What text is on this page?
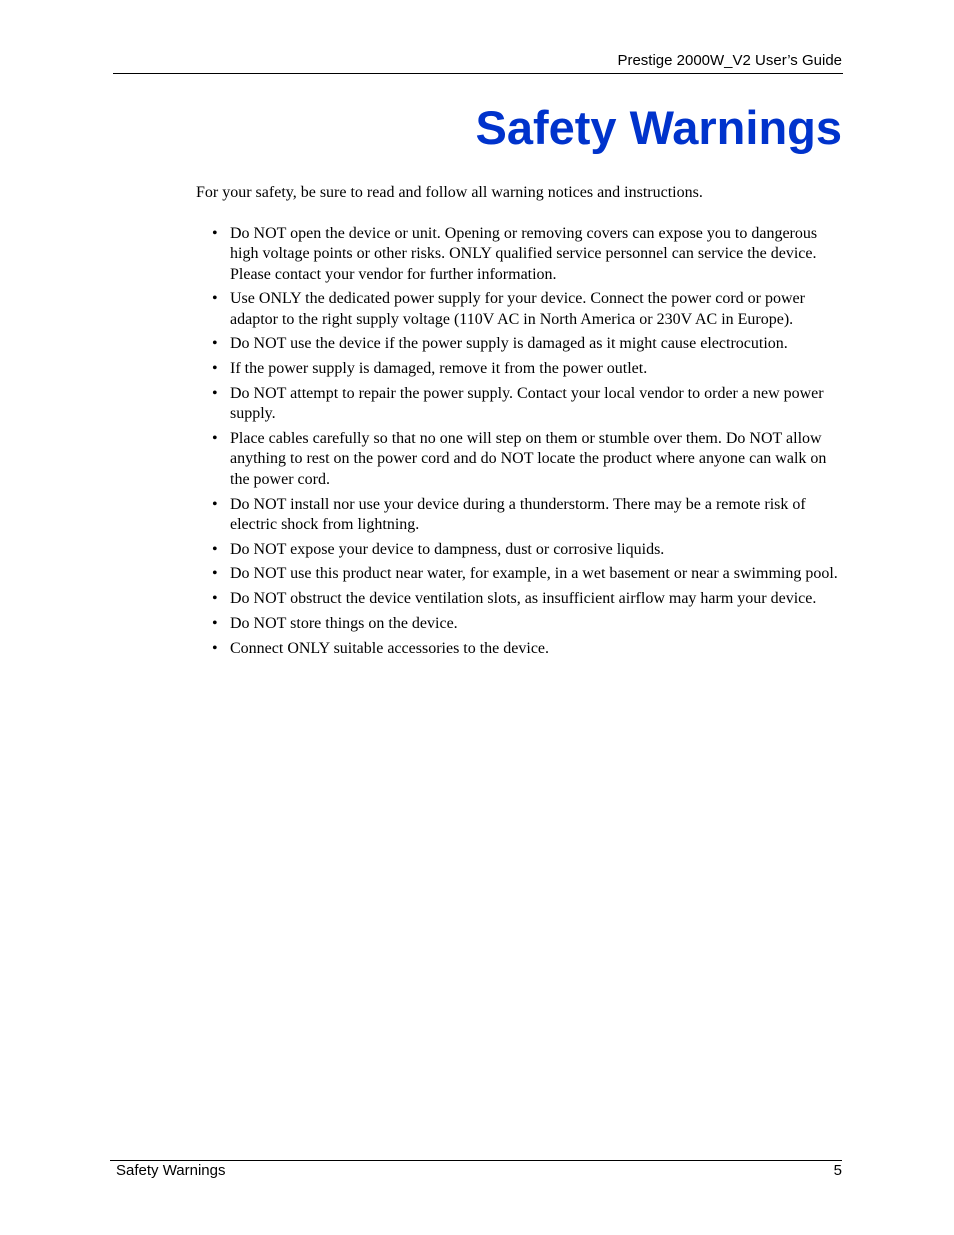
Prestige 2000W_V2 User’s Guide
Safety Warnings

For your safety, be sure to read and follow all warning notices and instructions.

• Do NOT open the device or unit. Opening or removing covers can expose you to dangerous high voltage points or other risks. ONLY qualified service personnel can service the device. Please contact your vendor for further information.
• Use ONLY the dedicated power supply for your device. Connect the power cord or power adaptor to the right supply voltage (110V AC in North America or 230V AC in Europe).
• Do NOT use the device if the power supply is damaged as it might cause electrocution.
• If the power supply is damaged, remove it from the power outlet.
• Do NOT attempt to repair the power supply. Contact your local vendor to order a new power supply.
• Place cables carefully so that no one will step on them or stumble over them. Do NOT allow anything to rest on the power cord and do NOT locate the product where anyone can walk on the power cord.
• Do NOT install nor use your device during a thunderstorm. There may be a remote risk of electric shock from lightning.
• Do NOT expose your device to dampness, dust or corrosive liquids.
• Do NOT use this product near water, for example, in a wet basement or near a swimming pool.
• Do NOT obstruct the device ventilation slots, as insufficient airflow may harm your device.
• Do NOT store things on the device.
• Connect ONLY suitable accessories to the device.
Safety Warnings	5
